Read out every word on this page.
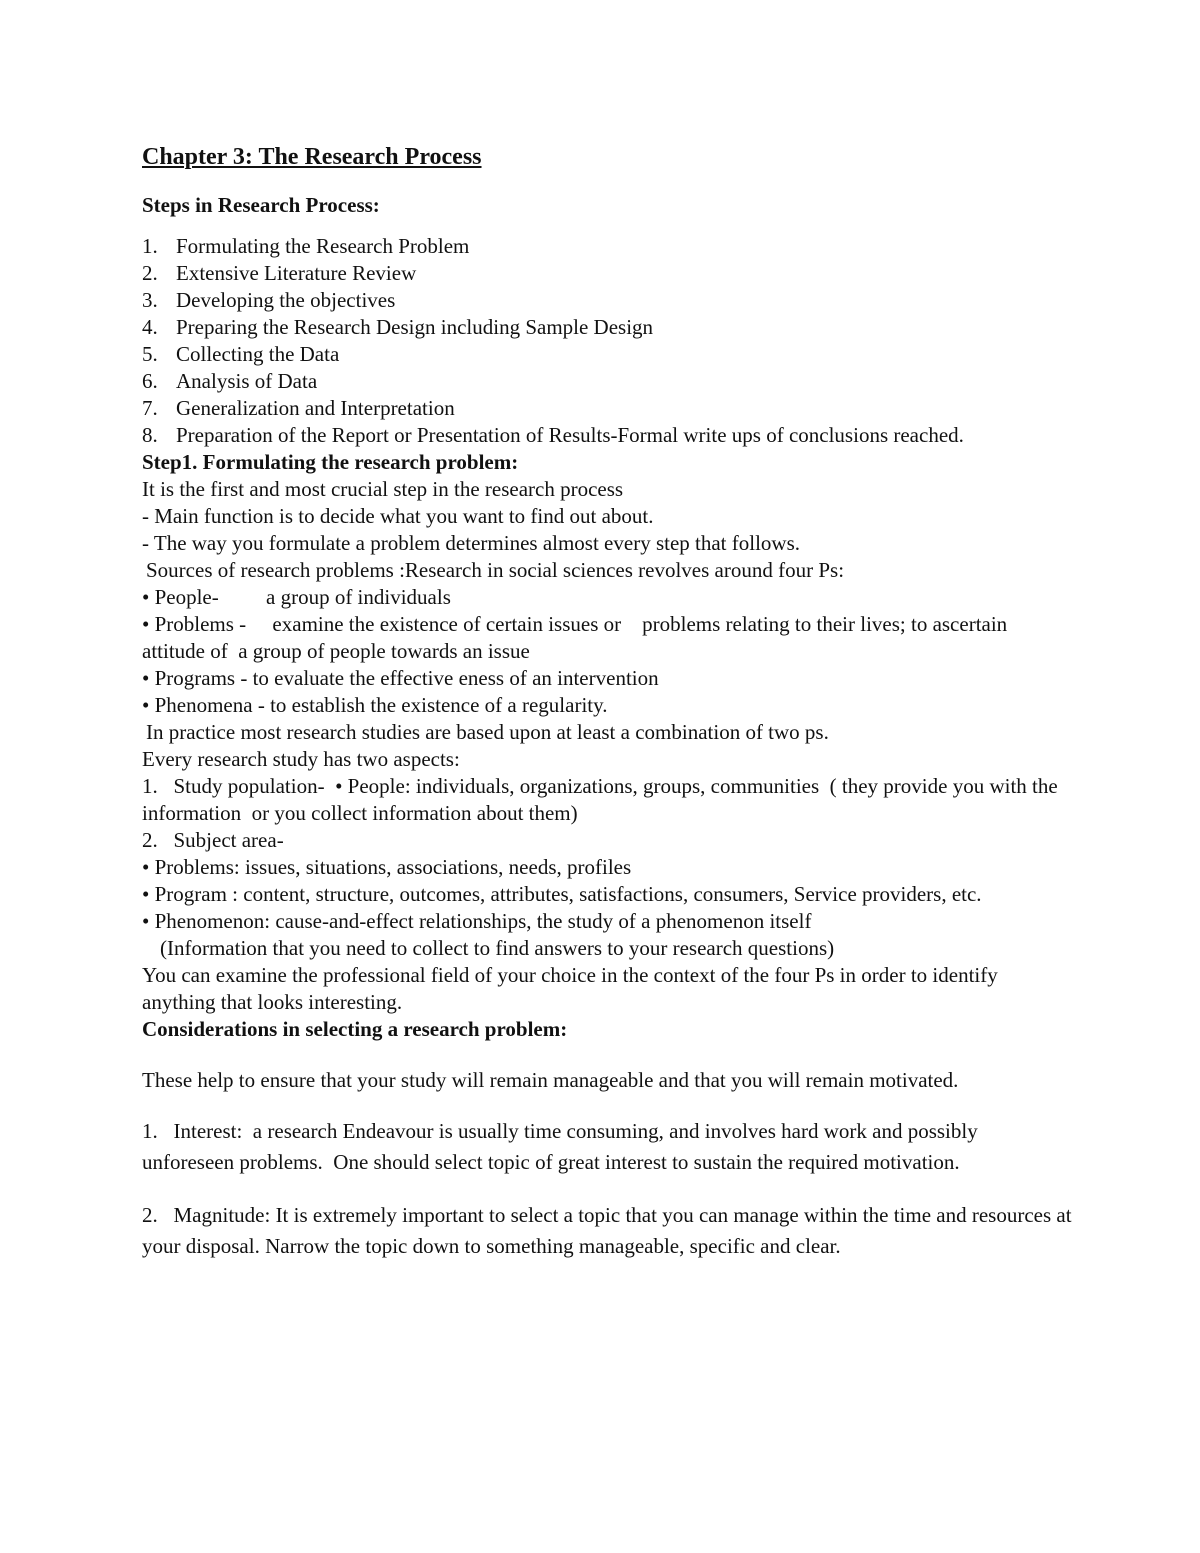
Chapter 3: The Research Process
Steps in Research Process:
1. Formulating the Research Problem
2. Extensive Literature Review
3. Developing the objectives
4. Preparing the Research Design including Sample Design
5. Collecting the Data
6. Analysis of Data
7. Generalization and Interpretation

8. Preparation of the Report or Presentation of Results-Formal write ups of conclusions reached.

Step1. Formulating the research problem:

It is the first and most crucial step in the research process

- Main function is to decide what you want to find out about.

- The way you formulate a problem determines almost every step that follows.

Sources of research problems :Research in social sciences revolves around four Ps:

• People-         a group of individuals

• Problems -     examine the existence of certain issues or    problems relating to their lives; to ascertain attitude of  a group of people towards an issue

• Programs - to evaluate the effective eness of an intervention

• Phenomena - to establish the existence of a regularity.

In practice most research studies are based upon at least a combination of two ps.

Every research study has two aspects:

1.   Study population-  • People: individuals, organizations, groups, communities  ( they provide you with the information  or you collect information about them)

2.   Subject area-

• Problems: issues, situations, associations, needs, profiles

• Program : content, structure, outcomes, attributes, satisfactions, consumers, Service providers, etc.

• Phenomenon: cause-and-effect relationships, the study of a phenomenon itself

(Information that you need to collect to find answers to your research questions)

You can examine the professional field of your choice in the context of the four Ps in order to identify anything that looks interesting.

Considerations in selecting a research problem:

These help to ensure that your study will remain manageable and that you will remain motivated.

1.   Interest:  a research Endeavour is usually time consuming, and involves hard work and possibly unforeseen problems.  One should select topic of great interest to sustain the required motivation.

2.   Magnitude: It is extremely important to select a topic that you can manage within the time and resources at your disposal. Narrow the topic down to something manageable, specific and clear.
